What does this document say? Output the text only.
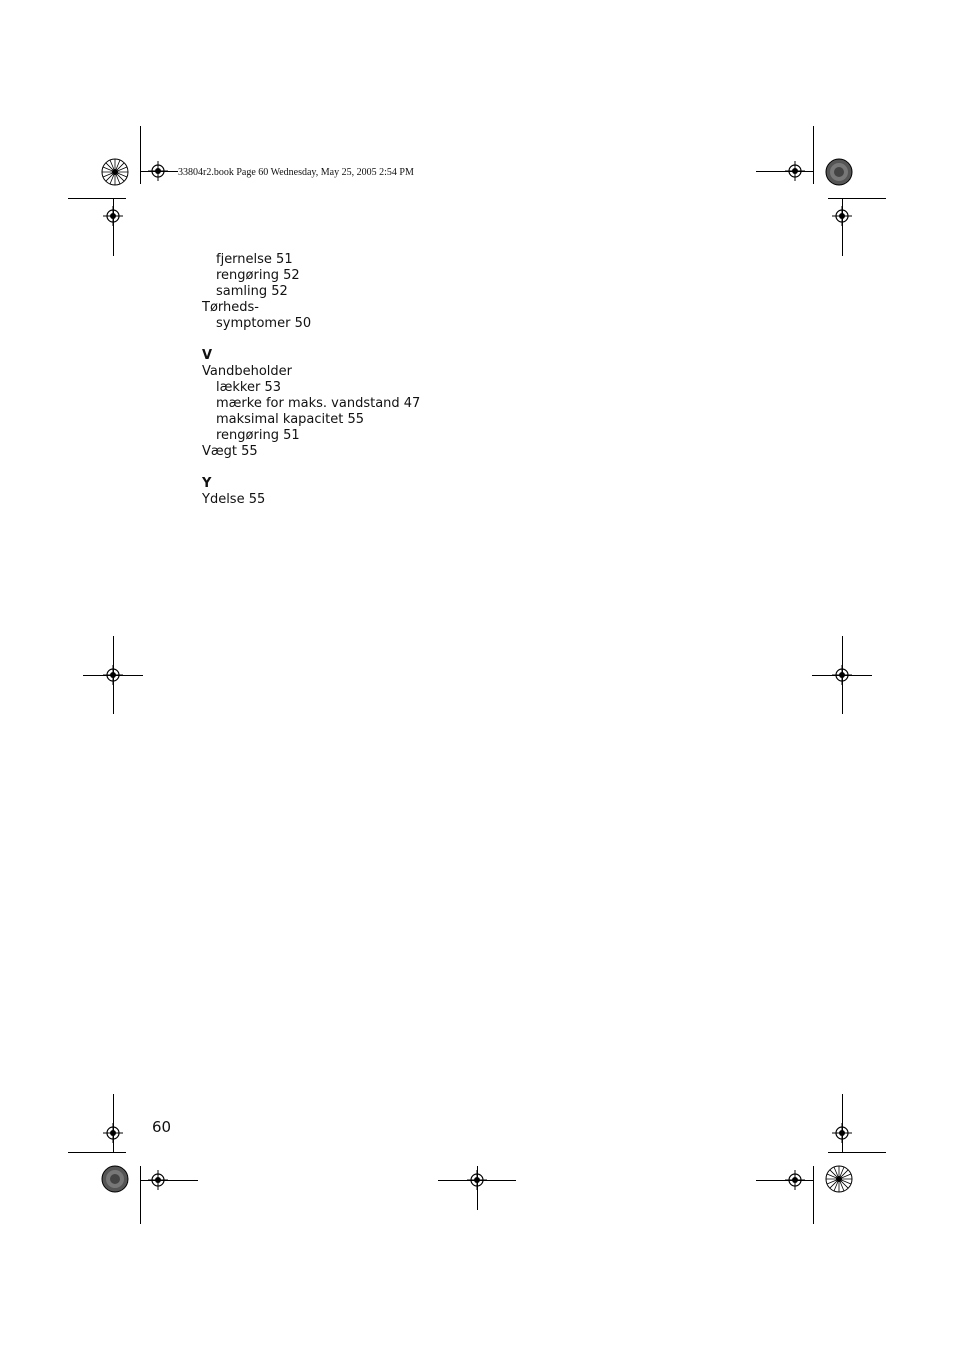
33804r2.book Page 60 Wednesday, May 25, 2005 2:54 PM
fjernelse 51
rengøring 52
samling 52
Tørheds-
symptomer 50
V
Vandbeholder
lækker 53
mærke for maks. vandstand 47
maksimal kapacitet 55
rengøring 51
Vægt 55
Y
Ydelse 55
60
